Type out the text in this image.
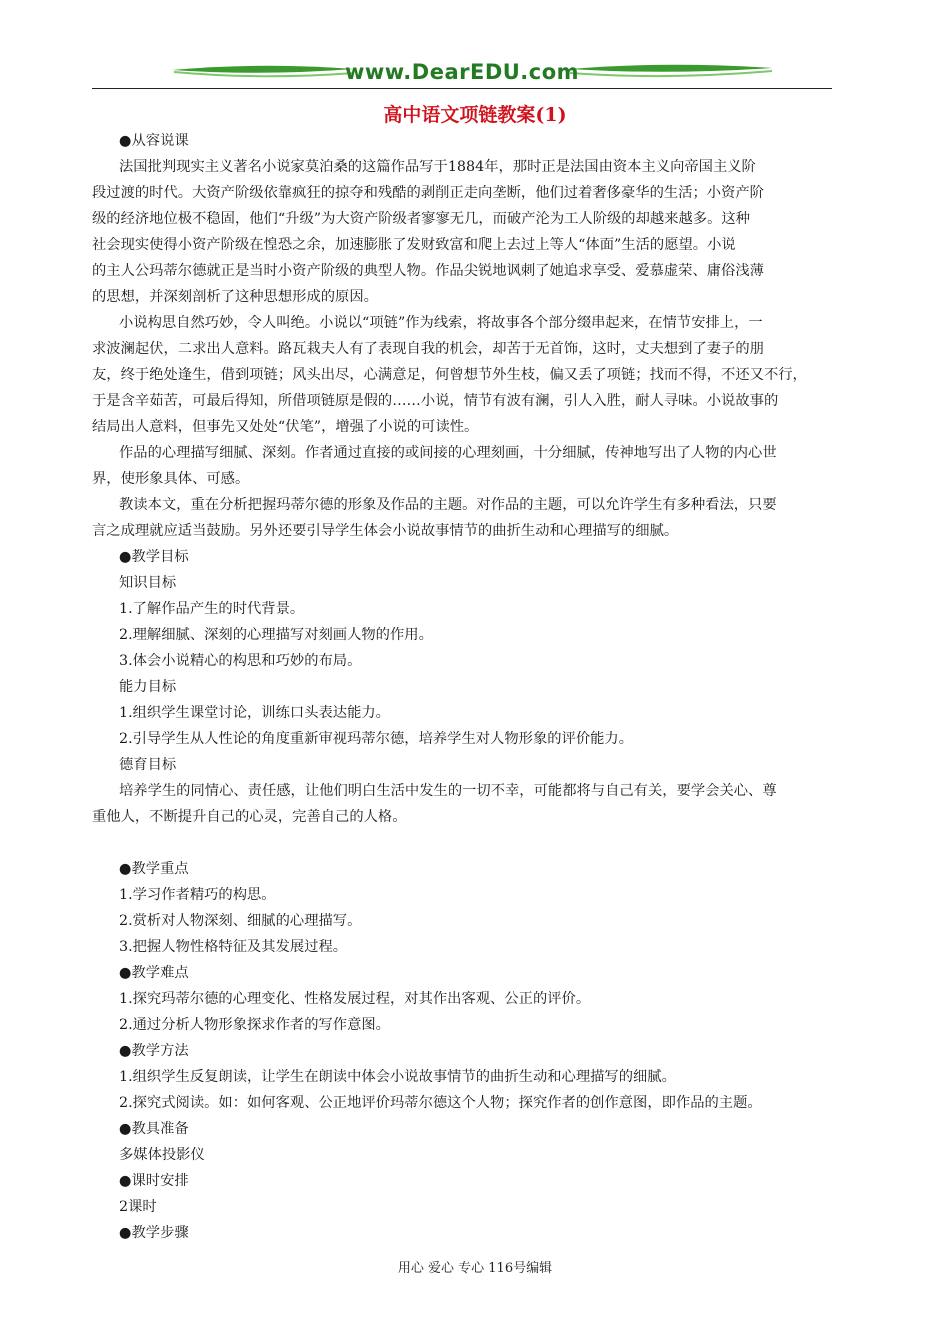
www.DearEDU.com
高中语文项链教案(1)
●从容说课
法国批判现实主义著名小说家莫泊桑的这篇作品写于1884年，那时正是法国由资本主义向帝国主义阶
段过渡的时代。大资产阶级依靠疯狂的掠夺和残酷的剥削正走向垄断，他们过着奢侈豪华的生活；小资产阶
级的经济地位极不稳固，他们“升级”为大资产阶级者寥寥无几，而破产沦为工人阶级的却越来越多。这种
社会现实使得小资产阶级在惶恐之余，加速膨胀了发财致富和爬上去过上等人“体面”生活的愿望。小说
的主人公玛蒂尔德就正是当时小资产阶级的典型人物。作品尖锐地讽刺了她追求享受、爱慕虚荣、庸俗浅薄
的思想，并深刻剖析了这种思想形成的原因。
小说构思自然巧妙，令人叫绝。小说以“项链”作为线索，将故事各个部分缀串起来，在情节安排上，一
求波澜起伏，二求出人意料。路瓦栽夫人有了表现自我的机会，却苦于无首饰，这时，丈夫想到了妻子的朋
友，终于绝处逢生，借到项链；风头出尽，心满意足，何曾想节外生枝，偏又丢了项链；找而不得，不还又不行，
于是含辛茹苦，可最后得知，所借项链原是假的……小说，情节有波有澜，引人入胜，耐人寻味。小说故事的
结局出人意料，但事先又处处“伏笔”，增强了小说的可读性。
作品的心理描写细腻、深刻。作者通过直接的或间接的心理刻画，十分细腻，传神地写出了人物的内心世
界，使形象具体、可感。
教读本文，重在分析把握玛蒂尔德的形象及作品的主题。对作品的主题，可以允许学生有多种看法，只要
言之成理就应适当鼓励。另外还要引导学生体会小说故事情节的曲折生动和心理描写的细腻。
●教学目标
知识目标
1.了解作品产生的时代背景。
2.理解细腻、深刻的心理描写对刻画人物的作用。
3.体会小说精心的构思和巧妙的布局。
能力目标
1.组织学生课堂讨论，训练口头表达能力。
2.引导学生从人性论的角度重新审视玛蒂尔德，培养学生对人物形象的评价能力。
德育目标
培养学生的同情心、责任感，让他们明白生活中发生的一切不幸，可能都将与自己有关，要学会关心、尊
重他人，不断提升自己的心灵，完善自己的人格。
●教学重点
1.学习作者精巧的构思。
2.赏析对人物深刻、细腻的心理描写。
3.把握人物性格特征及其发展过程。
●教学难点
1.探究玛蒂尔德的心理变化、性格发展过程，对其作出客观、公正的评价。
2.通过分析人物形象探求作者的写作意图。
●教学方法
1.组织学生反复朗读，让学生在朗读中体会小说故事情节的曲折生动和心理描写的细腻。
2.探究式阅读。如：如何客观、公正地评价玛蒂尔德这个人物；探究作者的创作意图，即作品的主题。
●教具准备
多媒体投影仪
●课时安排
2课时
●教学步骤
用心 爱心 专心 116号编辑
